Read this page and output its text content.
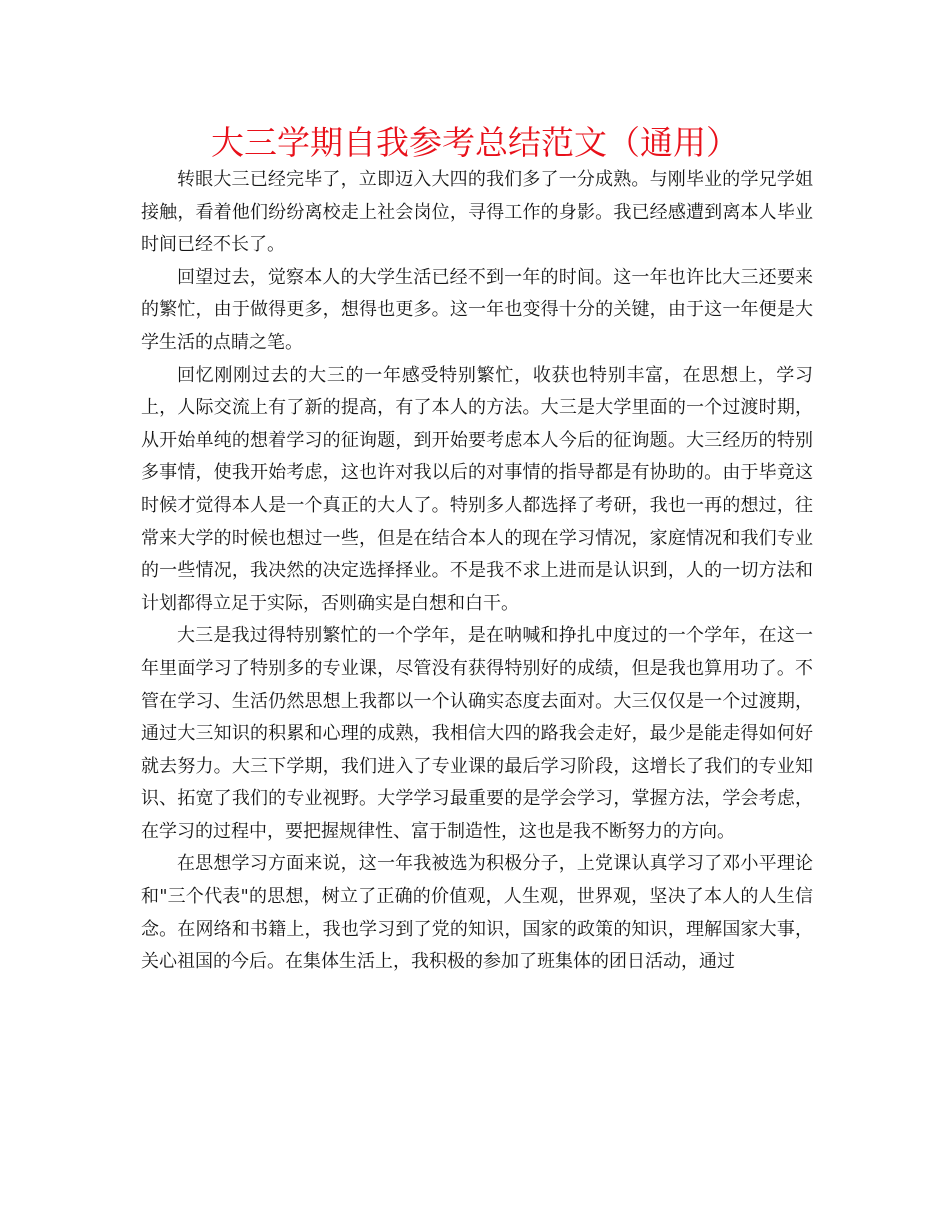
大三学期自我参考总结范文（通用）

转眼大三已经完毕了，立即迈入大四的我们多了一分成熟。与刚毕业的学兄学姐接触，看着他们纷纷离校走上社会岗位，寻得工作的身影。我已经感遭到离本人毕业时间已经不长了。

回望过去，觉察本人的大学生活已经不到一年的时间。这一年也许比大三还要来的繁忙，由于做得更多，想得也更多。这一年也变得十分的关键，由于这一年便是大学生活的点睛之笔。

回忆刚刚过去的大三的一年感受特别繁忙，收获也特别丰富，在思想上，学习上，人际交流上有了新的提高，有了本人的方法。大三是大学里面的一个过渡时期，从开始单纯的想着学习的征询题，到开始要考虑本人今后的征询题。大三经历的特别多事情，使我开始考虑，这也许对我以后的对事情的指导都是有协助的。由于毕竟这时候才觉得本人是一个真正的大人了。特别多人都选择了考研，我也一再的想过，往常来大学的时候也想过一些，但是在结合本人的现在学习情况，家庭情况和我们专业的一些情况，我决然的决定选择择业。不是我不求上进而是认识到，人的一切方法和计划都得立足于实际，否则确实是白想和白干。

大三是我过得特别繁忙的一个学年，是在呐喊和挣扎中度过的一个学年，在这一年里面学习了特别多的专业课，尽管没有获得特别好的成绩，但是我也算用功了。不管在学习、生活仍然思想上我都以一个认确实态度去面对。大三仅仅是一个过渡期，通过大三知识的积累和心理的成熟，我相信大四的路我会走好，最少是能走得如何好就去努力。大三下学期，我们进入了专业课的最后学习阶段，这增长了我们的专业知识、拓宽了我们的专业视野。大学学习最重要的是学会学习，掌握方法，学会考虑，在学习的过程中，要把握规律性、富于制造性，这也是我不断努力的方向。

在思想学习方面来说，这一年我被选为积极分子，上党课认真学习了邓小平理论和"三个代表"的思想，树立了正确的价值观，人生观，世界观，坚决了本人的人生信念。在网络和书籍上，我也学习到了党的知识，国家的政策的知识，理解国家大事，关心祖国的今后。在集体生活上，我积极的参加了班集体的团日活动，通过
